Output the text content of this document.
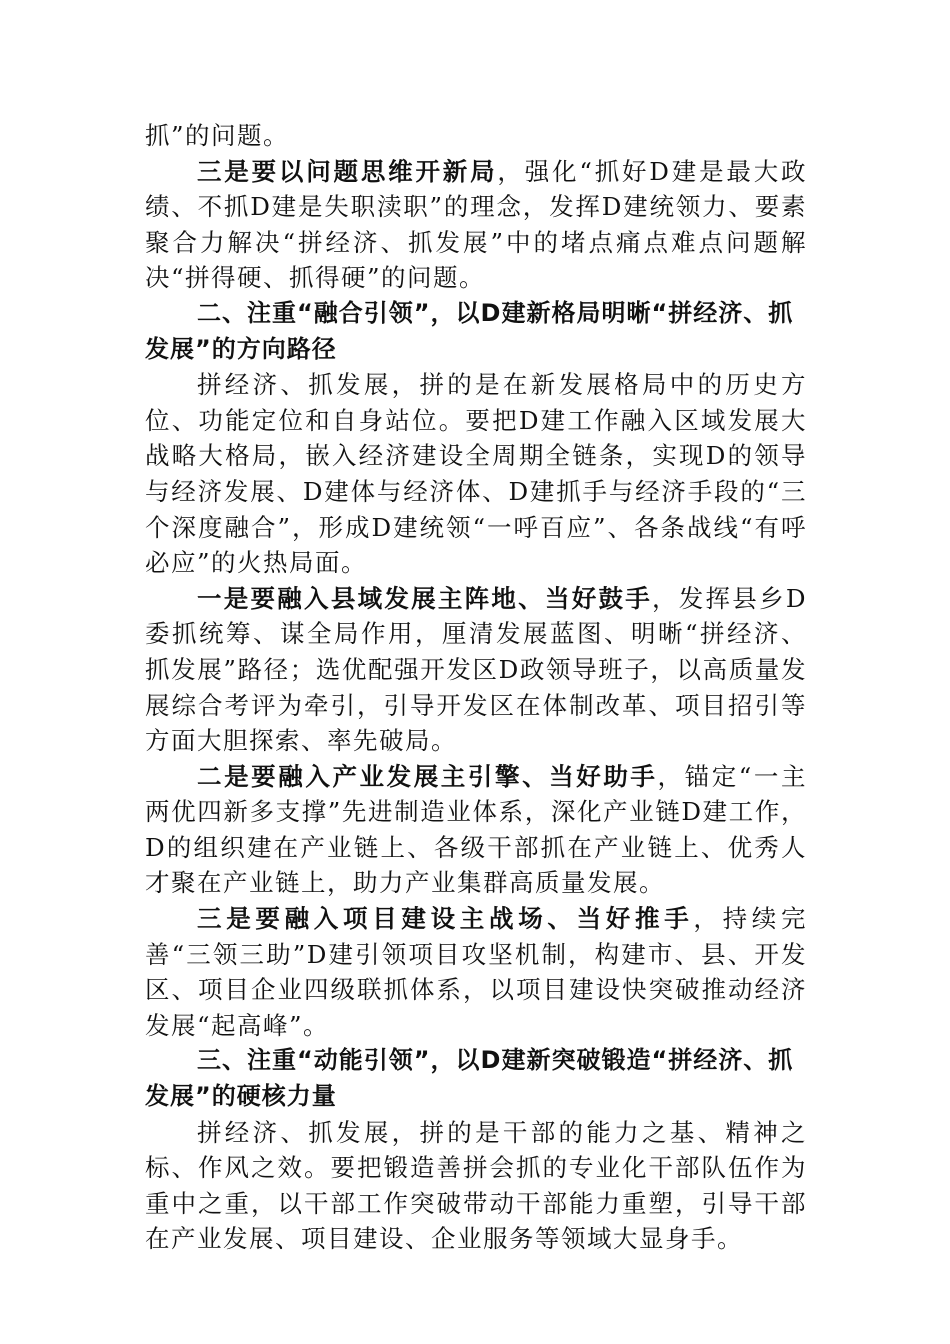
抓”的问题。

三是要以问题思维开新局，强化“抓好D建是最大政绩、不抓D建是失职渎职”的理念，发挥D建统领力、要素聚合力解决“拼经济、抓发展”中的堵点痛点难点问题解决“拼得硬、抓得硬”的问题。

二、注重“融合引领”，以D建新格局明晰“拼经济、抓发展”的方向路径

拼经济、抓发展，拼的是在新发展格局中的历史方位、功能定位和自身站位。要把D建工作融入区域发展大战略大格局，嵌入经济建设全周期全链条，实现D的领导与经济发展、D建体与经济体、D建抓手与经济手段的“三个深度融合”，形成D建统领“一呼百应”、各条战线“有呼必应”的火热局面。

一是要融入县域发展主阵地、当好鼓手，发挥县乡D委抓统筹、谋全局作用，厘清发展蓝图、明晰“拼经济、抓发展”路径；选优配强开发区D政领导班子，以高质量发展综合考评为牵引，引导开发区在体制改革、项目招引等方面大胆探索、率先破局。

二是要融入产业发展主引擎、当好助手，锚定“一主两优四新多支撑”先进制造业体系，深化产业链D建工作，D的组织建在产业链上、各级干部抓在产业链上、优秀人才聚在产业链上，助力产业集群高质量发展。

三是要融入项目建设主战场、当好推手，持续完善“三领三助”D建引领项目攻坚机制，构建市、县、开发区、项目企业四级联抓体系，以项目建设快突破推动经济发展“起高峰”。

三、注重“动能引领”，以D建新突破锻造“拼经济、抓发展”的硬核力量

拼经济、抓发展，拼的是干部的能力之基、精神之标、作风之效。要把锻造善拼会抓的专业化干部队伍作为重中之重，以干部工作突破带动干部能力重塑，引导干部在产业发展、项目建设、企业服务等领域大显身手。
